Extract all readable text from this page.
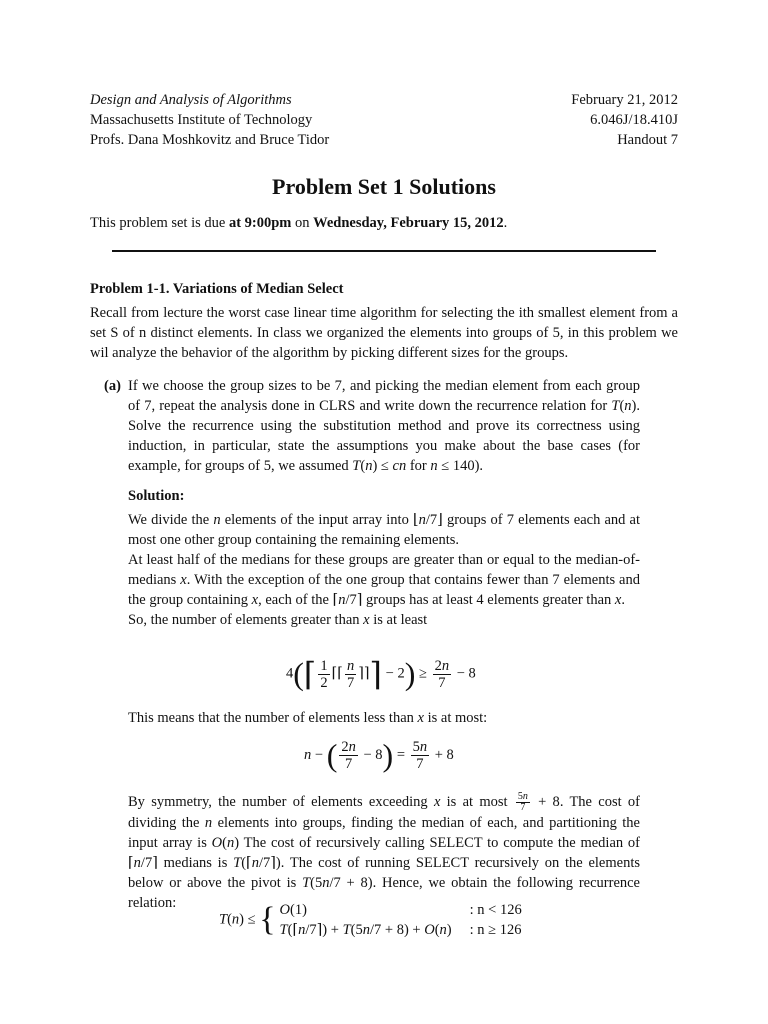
Design and Analysis of Algorithms
Massachusetts Institute of Technology
Profs. Dana Moshkovitz and Bruce Tidor
February 21, 2012
6.046J/18.410J
Handout 7
Problem Set 1 Solutions
This problem set is due at 9:00pm on Wednesday, February 15, 2012.
Problem 1-1. Variations of Median Select
Recall from lecture the worst case linear time algorithm for selecting the ith smallest element from a set S of n distinct elements. In class we organized the elements into groups of 5, in this problem we wil analyze the behavior of the algorithm by picking different sizes for the groups.
(a) If we choose the group sizes to be 7, and picking the median element from each group of 7, repeat the analysis done in CLRS and write down the recurrence relation for T(n). Solve the recurrence using the substitution method and prove its correctness using induction, in particular, state the assumptions you make about the base cases (for example, for groups of 5, we assumed T(n) ≤ cn for n ≤ 140).
Solution:
We divide the n elements of the input array into ⌊n/7⌋ groups of 7 elements each and at most one other group containing the remaining elements.
At least half of the medians for these groups are greater than or equal to the median-of-medians x. With the exception of the one group that contains fewer than 7 elements and the group containing x, each of the ⌈n/7⌉ groups has at least 4 elements greater than x.
So, the number of elements greater than x is at least
4(⌈ $\frac{1}{2}$ ⌈⌈ $\frac{n}{7}$ ⌉⌉⌉ − $2) \ge \frac{2n}{7} - 8$
This means that the number of elements less than x is at most:
n − ( $\frac{2n}{7} - 8) = \frac{5n}{7} + 8$
By symmetry, the number of elements exceeding x is at most $\frac{5n}{7} + 8$. The cost of dividing the n elements into groups, finding the median of each, and partitioning the input array is O(n) The cost of recursively calling SELECT to compute the median of ⌈n/7⌉ medians is T(⌈n/7⌉). The cost of running SELECT recursively on the elements below or above the pivot is T(5n/7 + 8). Hence, we obtain the following recurrence relation:
T(n) ≤ {	O(1)	: n < 126
	T(⌈n/7⌉) + T(5n/7 + 8) + O(n)	: n ≥ 126
